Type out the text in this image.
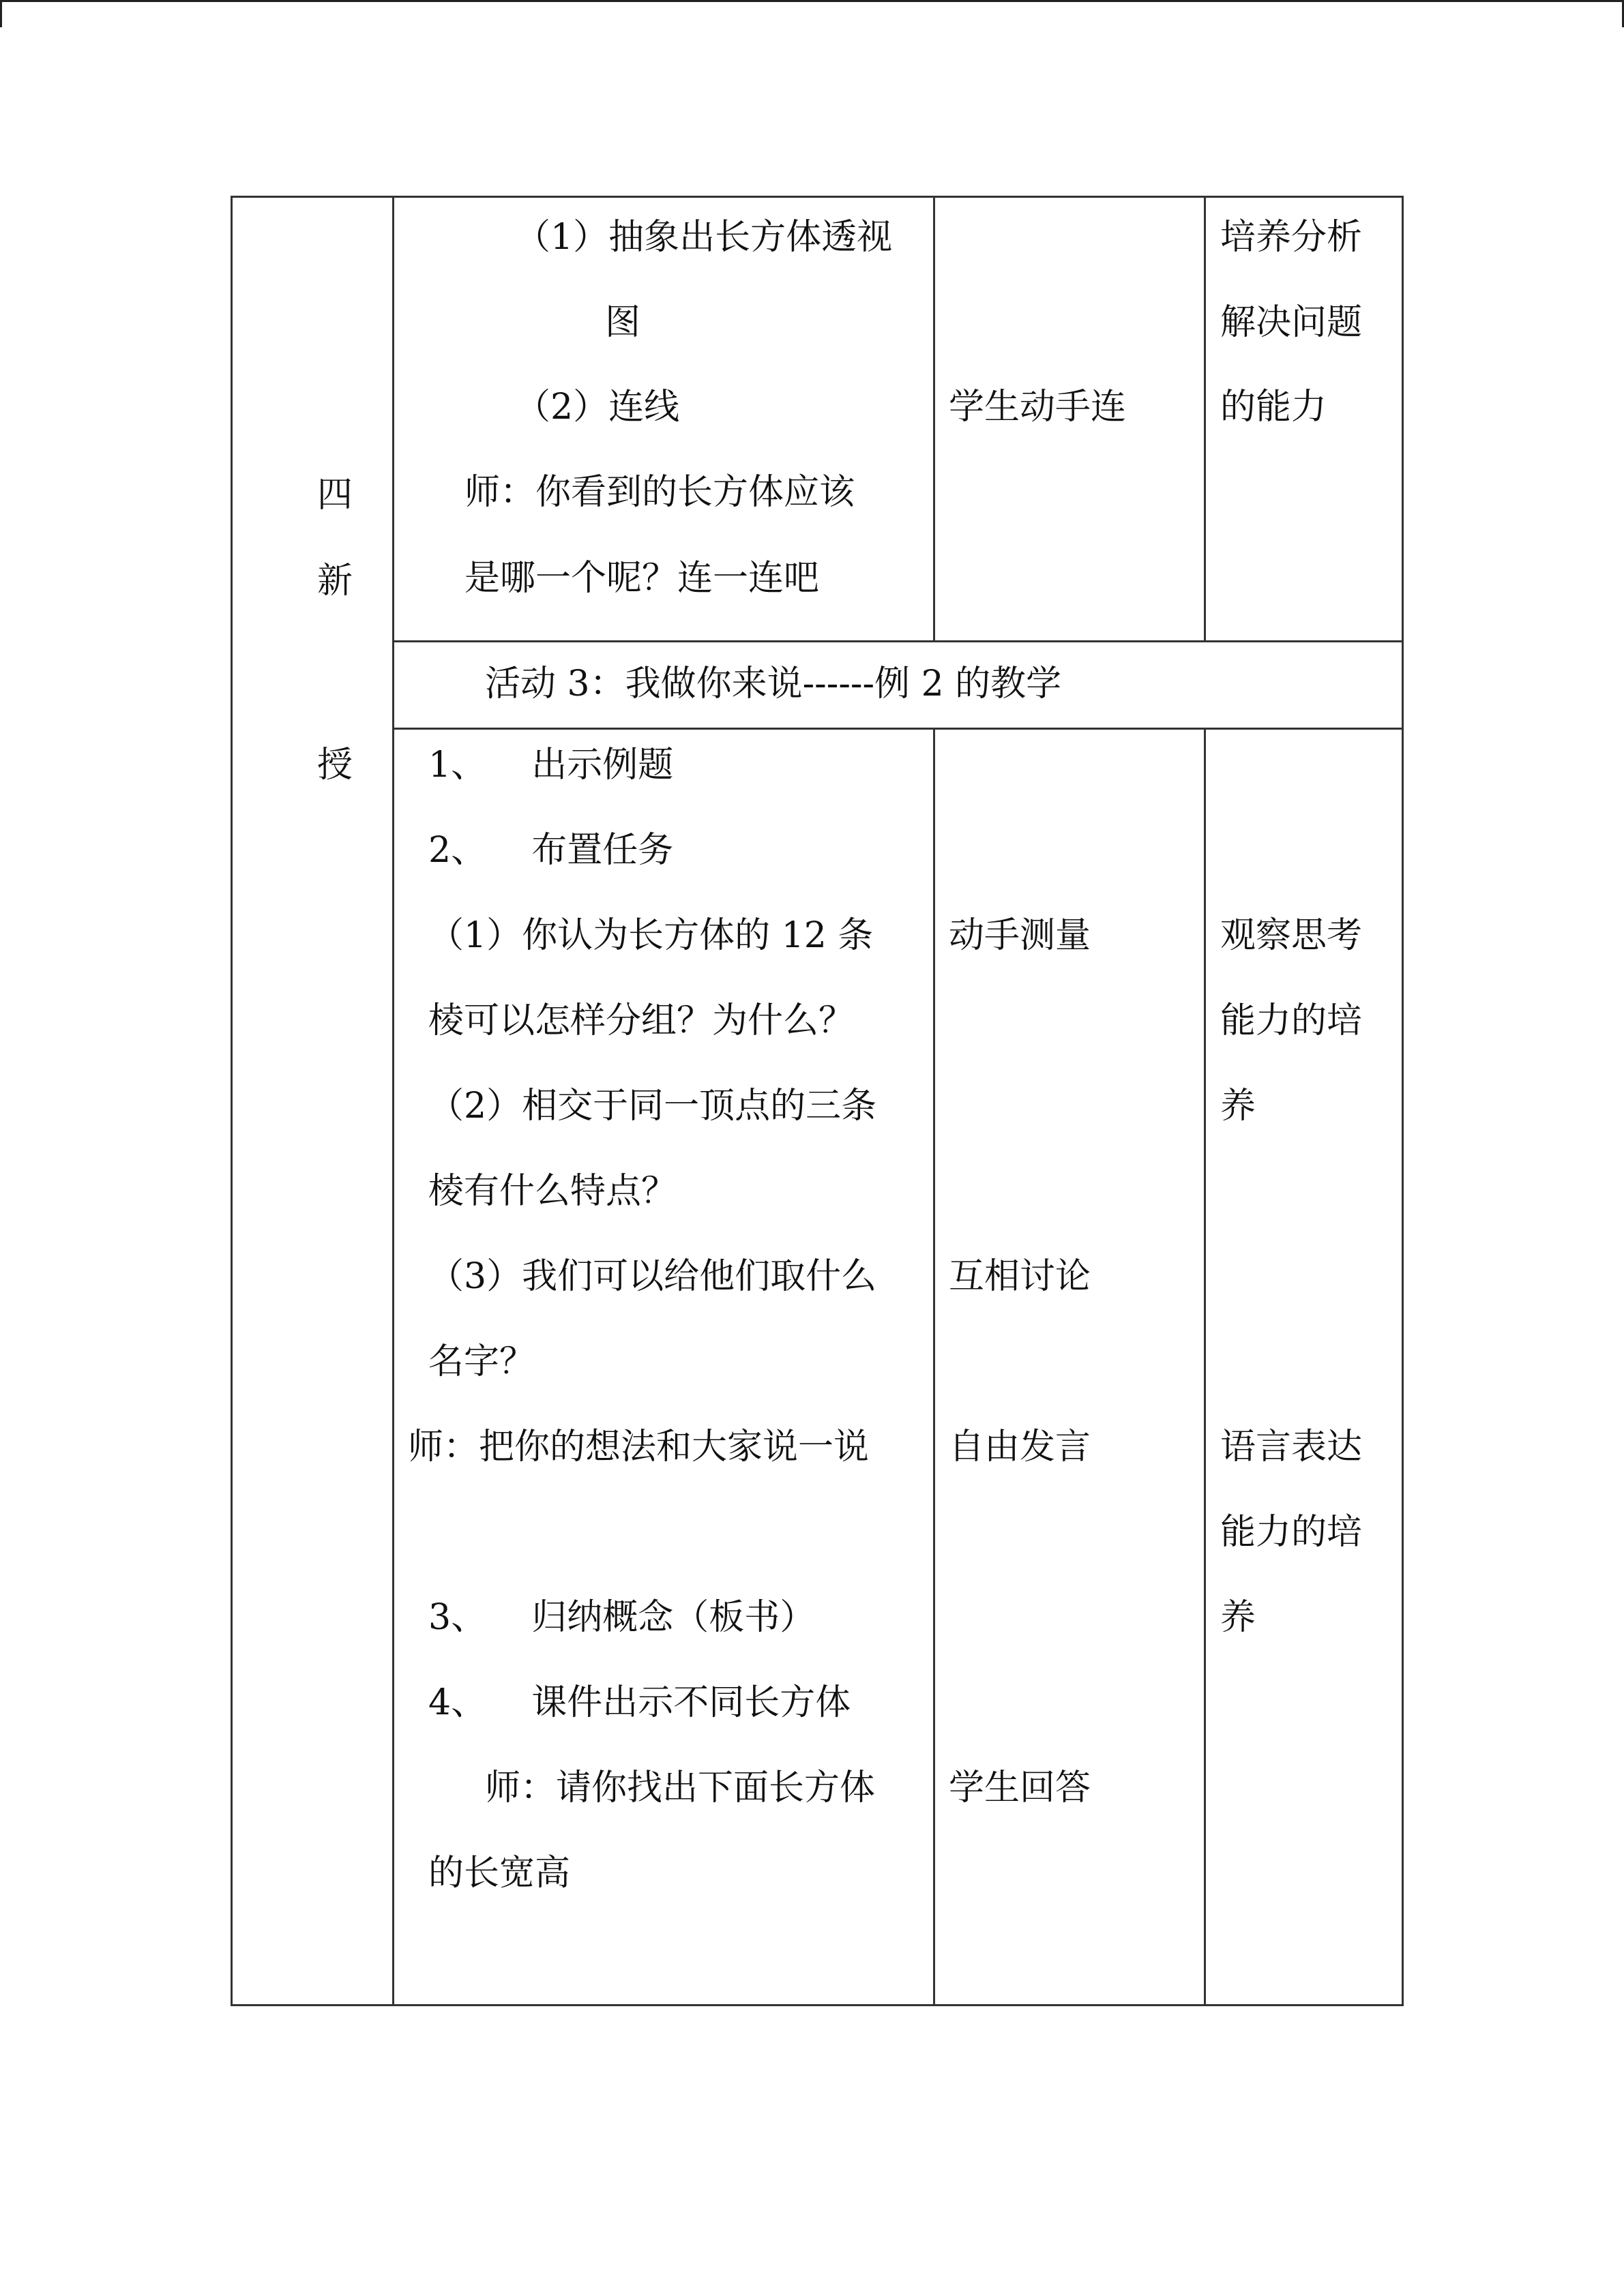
四
新
授
（1）抽象出长方体透视
图
（2）连线
师：你看到的长方体应该
是哪一个呢？连一连吧
学生动手连
培养分析
解决问题
的能力
活动 3：我做你来说------例 2 的教学
1、    出示例题
2、    布置任务
（1）你认为长方体的 12 条
棱可以怎样分组？为什么？
（2）相交于同一顶点的三条
棱有什么特点？
（3）我们可以给他们取什么
名字？
师：把你的想法和大家说一说
3、    归纳概念（板书）
4、    课件出示不同长方体
师：请你找出下面长方体
的长宽高
动手测量
互相讨论
自由发言
学生回答
观察思考
能力的培
养
语言表达
能力的培
养
